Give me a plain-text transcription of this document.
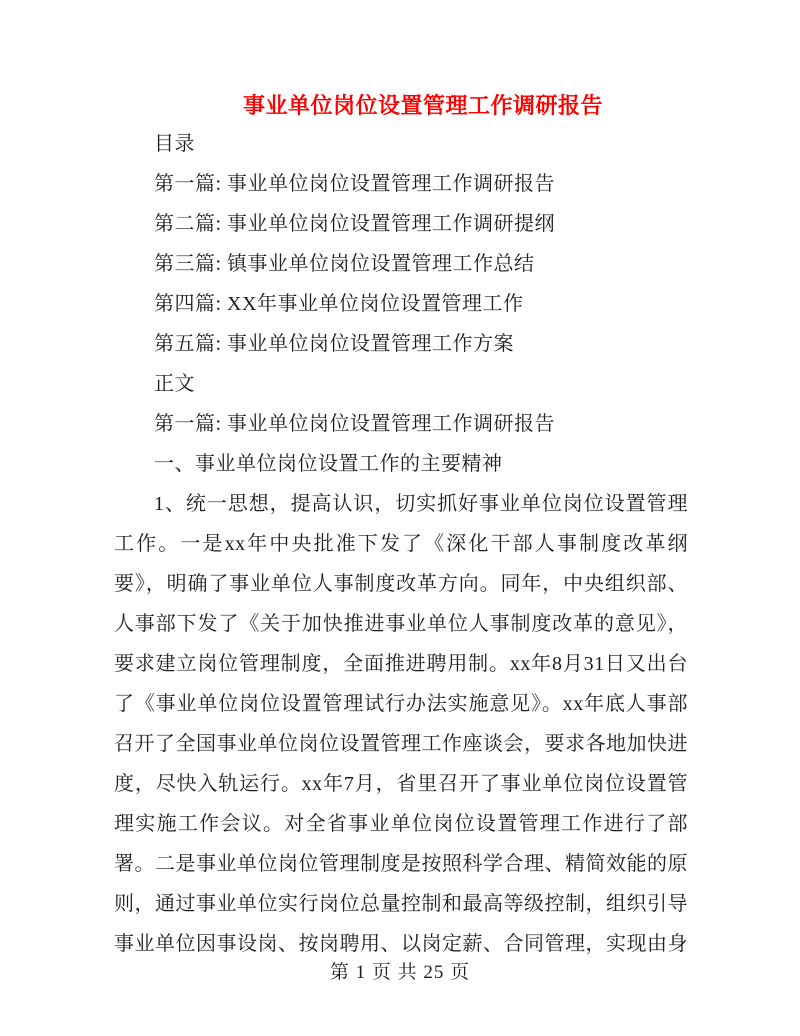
事业单位岗位设置管理工作调研报告
目录
第一篇: 事业单位岗位设置管理工作调研报告
第二篇: 事业单位岗位设置管理工作调研提纲
第三篇: 镇事业单位岗位设置管理工作总结
第四篇: XX年事业单位岗位设置管理工作
第五篇: 事业单位岗位设置管理工作方案
正文
第一篇: 事业单位岗位设置管理工作调研报告
一、事业单位岗位设置工作的主要精神
1、统一思想，提高认识，切实抓好事业单位岗位设置管理工作。一是xx年中央批准下发了《深化干部人事制度改革纲要》，明确了事业单位人事制度改革方向。同年，中央组织部、人事部下发了《关于加快推进事业单位人事制度改革的意见》，要求建立岗位管理制度，全面推进聘用制。xx年8月31日又出台了《事业单位岗位设置管理试行办法实施意见》。xx年底人事部召开了全国事业单位岗位设置管理工作座谈会，要求各地加快进度，尽快入轨运行。xx年7月，省里召开了事业单位岗位设置管理实施工作会议。对全省事业单位岗位设置管理工作进行了部署。二是事业单位岗位管理制度是按照科学合理、精简效能的原则，通过事业单位实行岗位总量控制和最高等级控制，组织引导事业单位因事设岗、按岗聘用、以岗定薪、合同管理，实现由身
第 1 页 共 25 页
